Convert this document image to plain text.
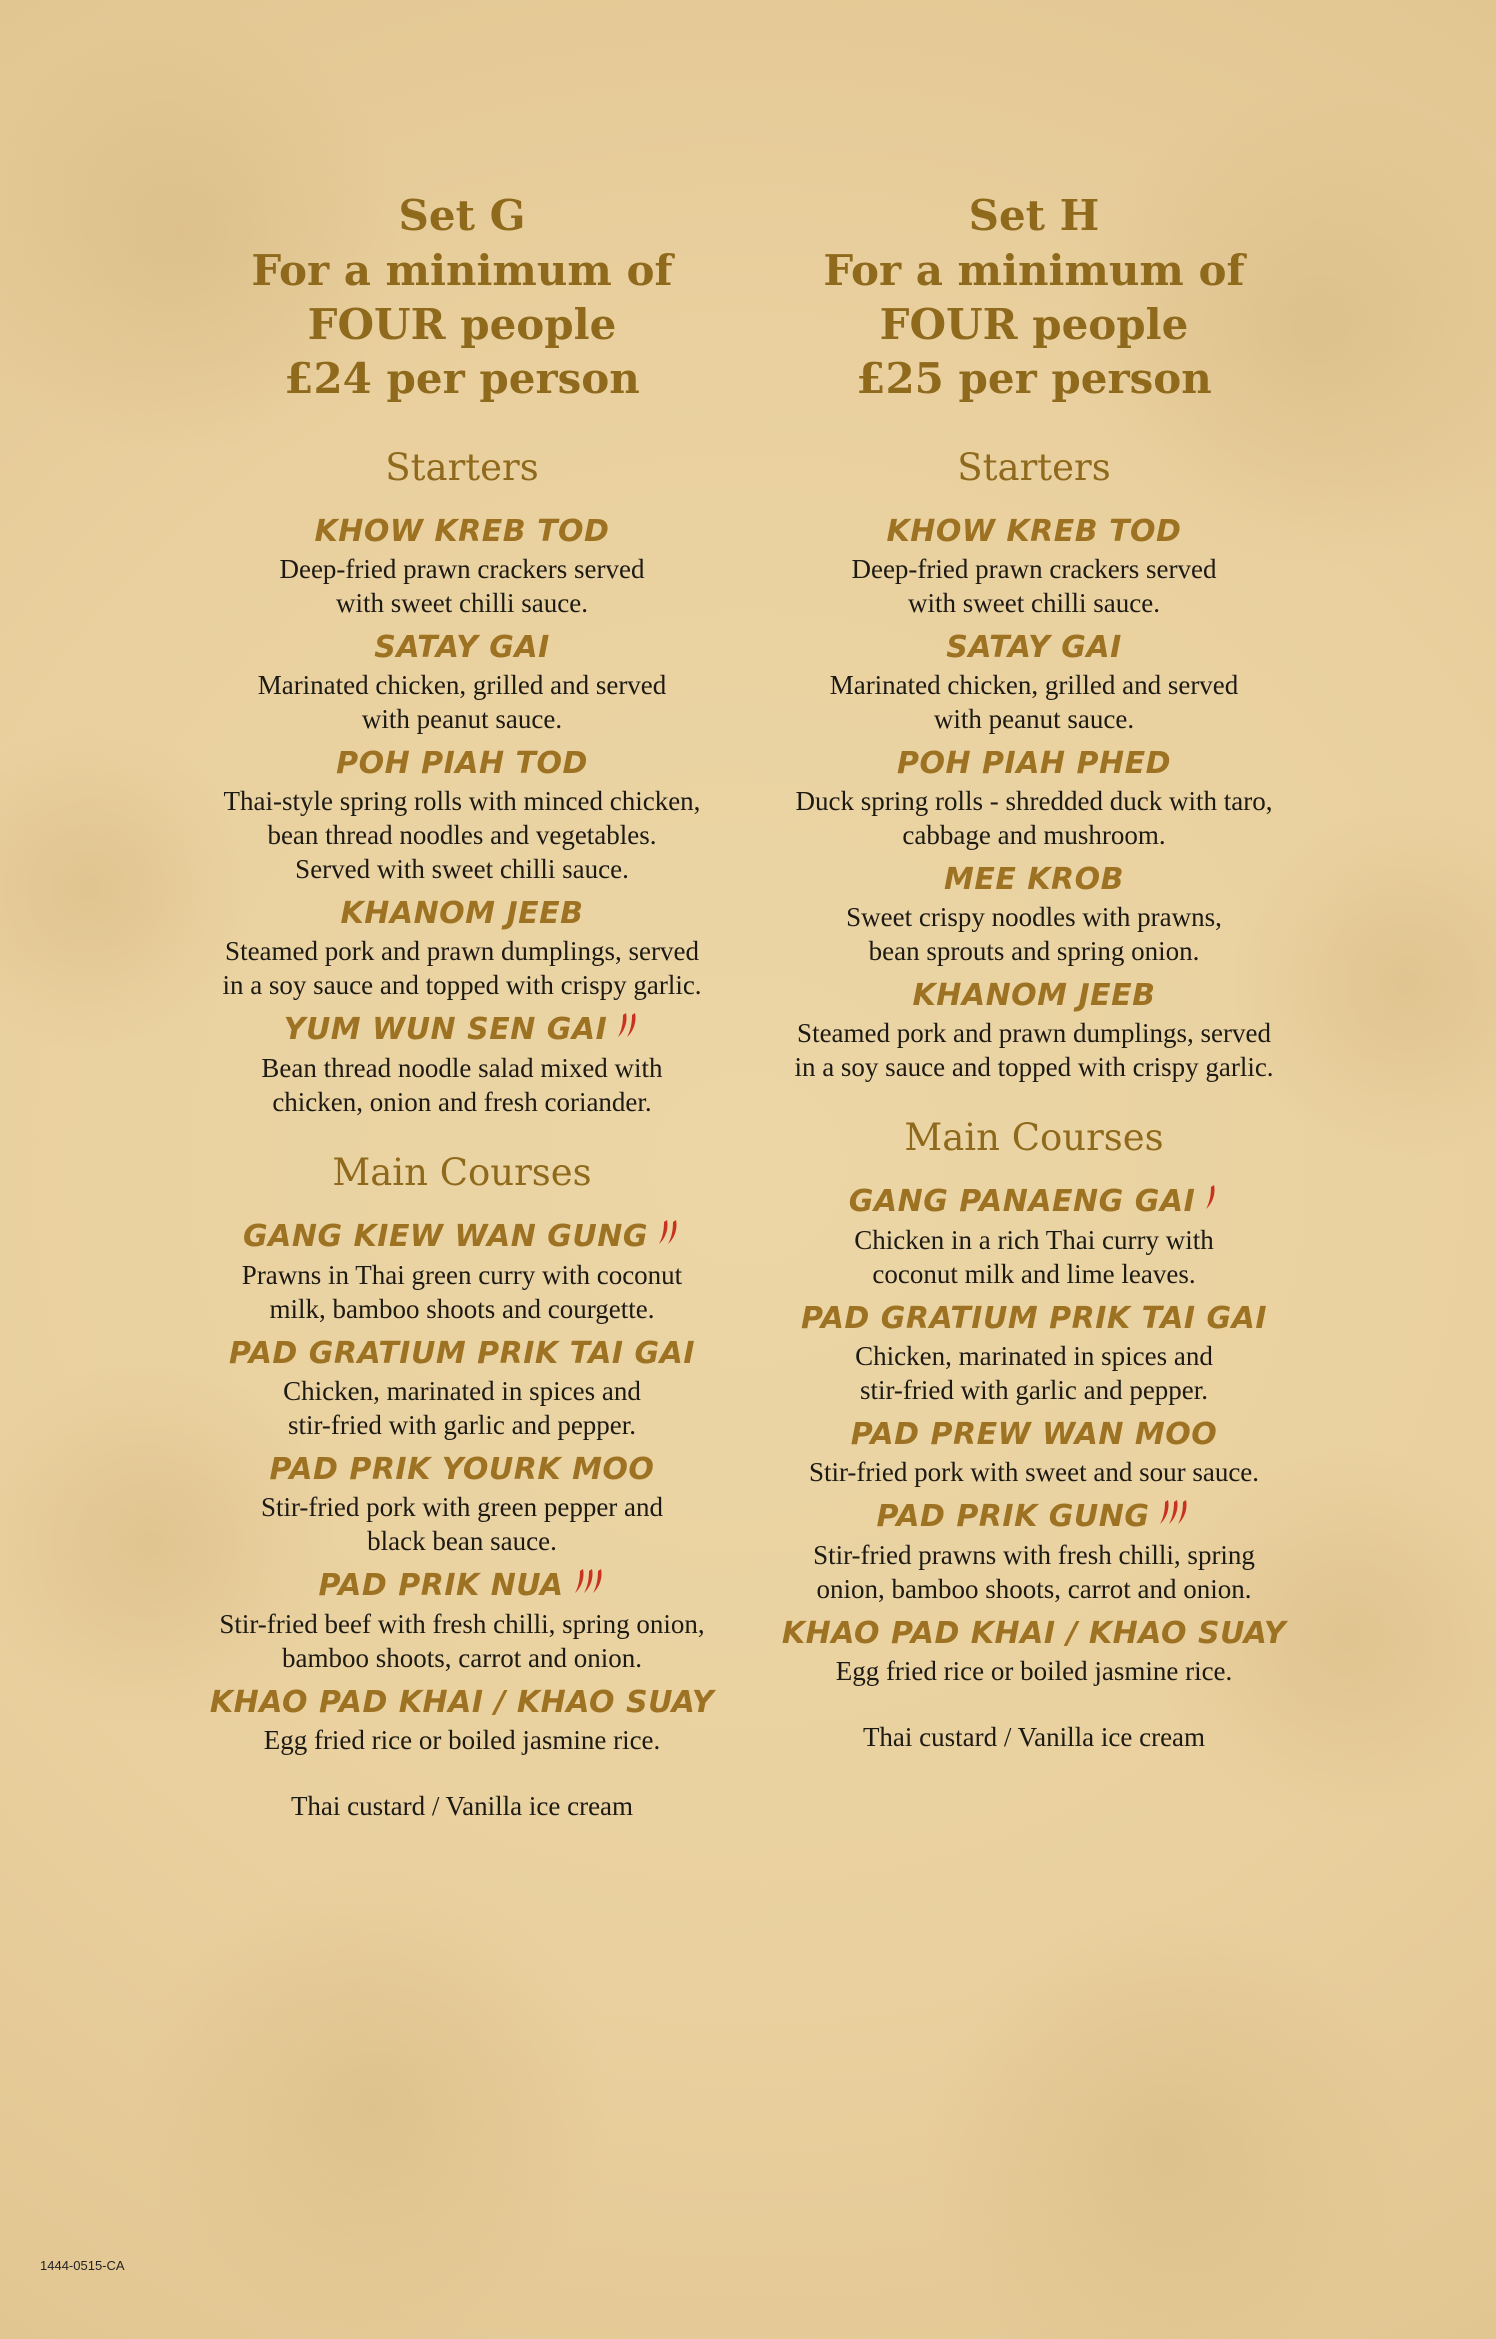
Set G
For a minimum of
FOUR people
£24 per person
Starters
KHOW KREB TOD
Deep-fried prawn crackers served
with sweet chilli sauce.
SATAY GAI
Marinated chicken, grilled and served
with peanut sauce.
POH PIAH TOD
Thai-style spring rolls with minced chicken,
bean thread noodles and vegetables.
Served with sweet chilli sauce.
KHANOM JEEB
Steamed pork and prawn dumplings, served
in a soy sauce and topped with crispy garlic.
YUM WUN SEN GAI
Bean thread noodle salad mixed with
chicken, onion and fresh coriander.
Main Courses
GANG KIEW WAN GUNG
Prawns in Thai green curry with coconut
milk, bamboo shoots and courgette.
PAD GRATIUM PRIK TAI GAI
Chicken, marinated in spices and
stir-fried with garlic and pepper.
PAD PRIK YOURK MOO
Stir-fried pork with green pepper and
black bean sauce.
PAD PRIK NUA
Stir-fried beef with fresh chilli, spring onion,
bamboo shoots, carrot and onion.
KHAO PAD KHAI / KHAO SUAY
Egg fried rice or boiled jasmine rice.
Thai custard / Vanilla ice cream
Set H
For a minimum of
FOUR people
£25 per person
Starters
KHOW KREB TOD
Deep-fried prawn crackers served
with sweet chilli sauce.
SATAY GAI
Marinated chicken, grilled and served
with peanut sauce.
POH PIAH PHED
Duck spring rolls - shredded duck with taro,
cabbage and mushroom.
MEE KROB
Sweet crispy noodles with prawns,
bean sprouts and spring onion.
KHANOM JEEB
Steamed pork and prawn dumplings, served
in a soy sauce and topped with crispy garlic.
Main Courses
GANG PANAENG GAI
Chicken in a rich Thai curry with
coconut milk and lime leaves.
PAD GRATIUM PRIK TAI GAI
Chicken, marinated in spices and
stir-fried with garlic and pepper.
PAD PREW WAN MOO
Stir-fried pork with sweet and sour sauce.
PAD PRIK GUNG
Stir-fried prawns with fresh chilli, spring
onion, bamboo shoots, carrot and onion.
KHAO PAD KHAI / KHAO SUAY
Egg fried rice or boiled jasmine rice.
Thai custard / Vanilla ice cream
1444-0515-CA
